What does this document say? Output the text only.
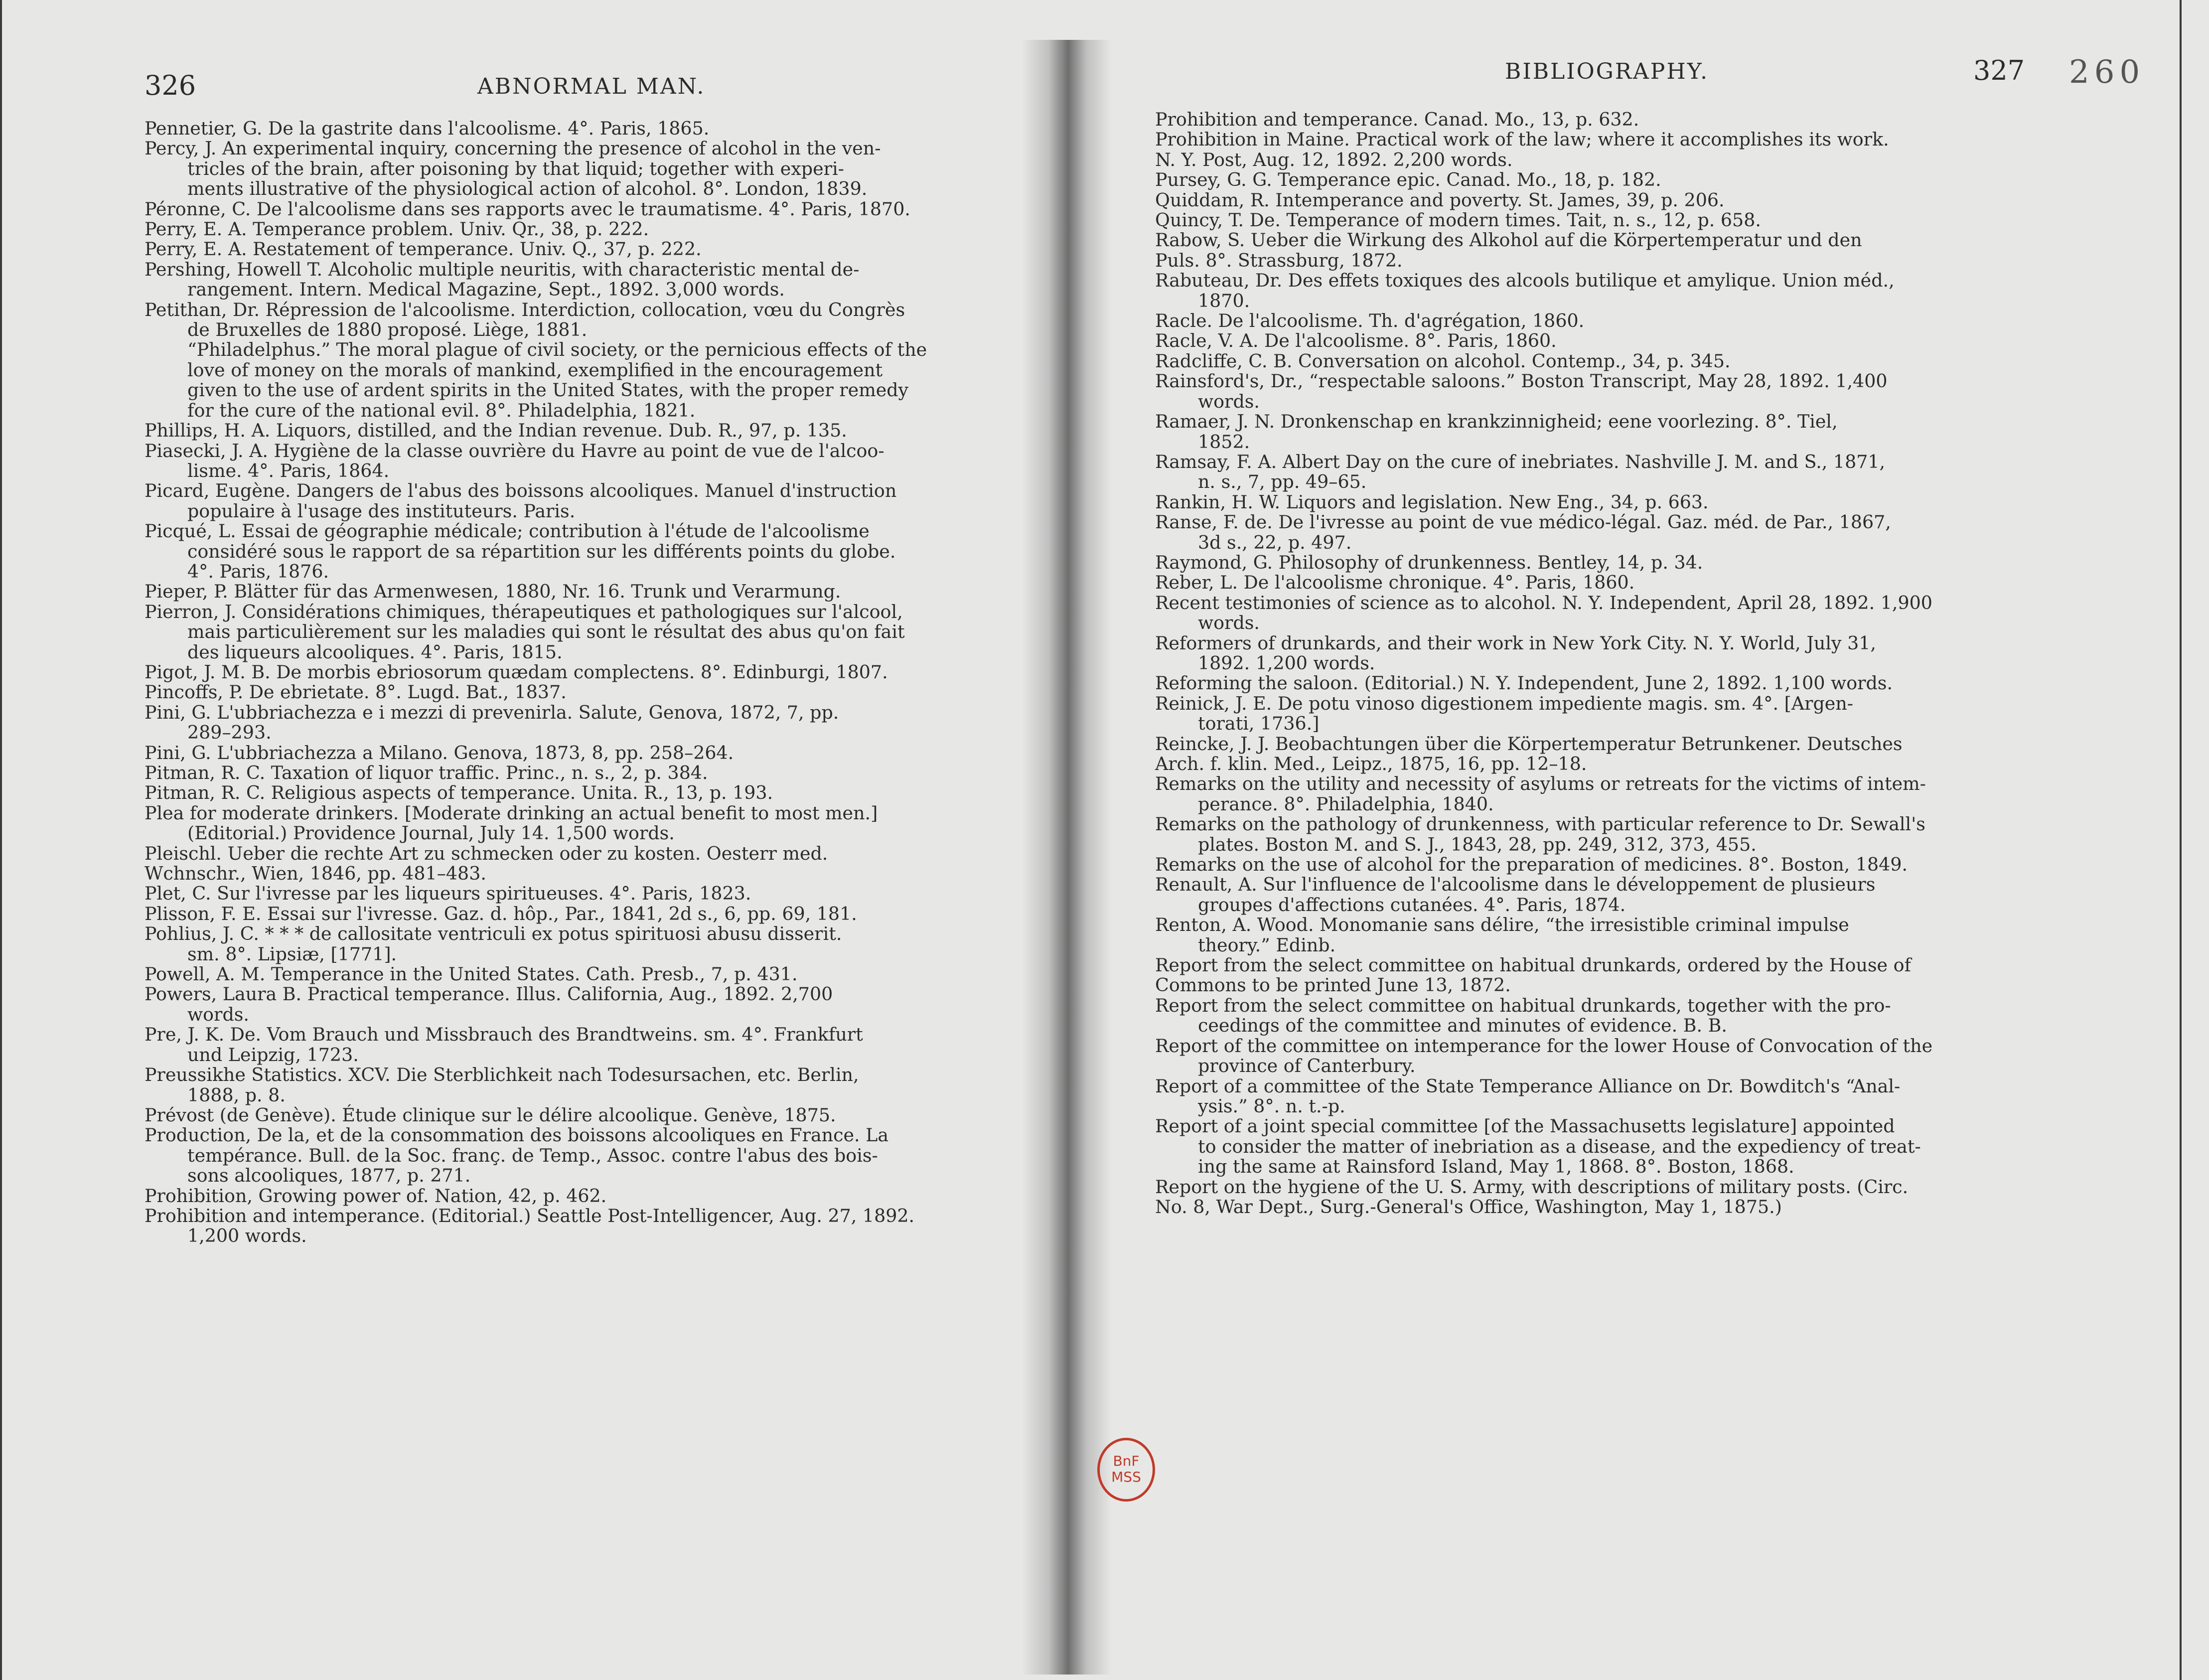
326	ABNORMAL MAN.
Pennetier, G. De la gastrite dans l'alcoolisme. 4°. Paris, 1865.
Percy, J. An experimental inquiry, concerning the presence of alcohol in the ven-
tricles of the brain, after poisoning by that liquid; together with experi-
ments illustrative of the physiological action of alcohol. 8°. London, 1839.
Péronne, C. De l'alcoolisme dans ses rapports avec le traumatisme. 4°. Paris, 1870.
Perry, E. A. Temperance problem. Univ. Qr., 38, p. 222.
Perry, E. A. Restatement of temperance. Univ. Q., 37, p. 222.
Pershing, Howell T. Alcoholic multiple neuritis, with characteristic mental de-
rangement. Intern. Medical Magazine, Sept., 1892. 3,000 words.
Petithan, Dr. Répression de l'alcoolisme. Interdiction, collocation, vœu du Congrès
de Bruxelles de 1880 proposé. Liège, 1881.
“Philadelphus.” The moral plague of civil society, or the pernicious effects of the
love of money on the morals of mankind, exemplified in the encouragement
given to the use of ardent spirits in the United States, with the proper remedy
for the cure of the national evil. 8°. Philadelphia, 1821.
Phillips, H. A. Liquors, distilled, and the Indian revenue. Dub. R., 97, p. 135.
Piasecki, J. A. Hygiène de la classe ouvrière du Havre au point de vue de l'alcoo-
lisme. 4°. Paris, 1864.
Picard, Eugène. Dangers de l'abus des boissons alcooliques. Manuel d'instruction
populaire à l'usage des instituteurs. Paris.
Picqué, L. Essai de géographie médicale; contribution à l'étude de l'alcoolisme
considéré sous le rapport de sa répartition sur les différents points du globe.
4°. Paris, 1876.
Pieper, P. Blätter für das Armenwesen, 1880, Nr. 16. Trunk und Verarmung.
Pierron, J. Considérations chimiques, thérapeutiques et pathologiques sur l'alcool,
mais particulièrement sur les maladies qui sont le résultat des abus qu'on fait
des liqueurs alcooliques. 4°. Paris, 1815.
Pigot, J. M. B. De morbis ebriosorum quædam complectens. 8°. Edinburgi, 1807.
Pincoffs, P. De ebrietate. 8°. Lugd. Bat., 1837.
Pini, G. L'ubbriachezza e i mezzi di prevenirla. Salute, Genova, 1872, 7, pp.
289–293.
Pini, G. L'ubbriachezza a Milano. Genova, 1873, 8, pp. 258–264.
Pitman, R. C. Taxation of liquor traffic. Princ., n. s., 2, p. 384.
Pitman, R. C. Religious aspects of temperance. Unita. R., 13, p. 193.
Plea for moderate drinkers. [Moderate drinking an actual benefit to most men.]
(Editorial.) Providence Journal, July 14. 1,500 words.
Pleischl. Ueber die rechte Art zu schmecken oder zu kosten. Oesterr med.
Wchnschr., Wien, 1846, pp. 481–483.
Plet, C. Sur l'ivresse par les liqueurs spiritueuses. 4°. Paris, 1823.
Plisson, F. E. Essai sur l'ivresse. Gaz. d. hôp., Par., 1841, 2d s., 6, pp. 69, 181.
Pohlius, J. C. * * * de callositate ventriculi ex potus spirituosi abusu disserit.
sm. 8°. Lipsiæ, [1771].
Powell, A. M. Temperance in the United States. Cath. Presb., 7, p. 431.
Powers, Laura B. Practical temperance. Illus. California, Aug., 1892. 2,700
words.
Pre, J. K. De. Vom Brauch und Missbrauch des Brandtweins. sm. 4°. Frankfurt
und Leipzig, 1723.
Preussikhe Statistics. XCV. Die Sterblichkeit nach Todesursachen, etc. Berlin,
1888, p. 8.
Prévost (de Genève). Étude clinique sur le délire alcoolique. Genève, 1875.
Production, De la, et de la consommation des boissons alcooliques en France. La
tempérance. Bull. de la Soc. franç. de Temp., Assoc. contre l'abus des bois-
sons alcooliques, 1877, p. 271.
Prohibition, Growing power of. Nation, 42, p. 462.
Prohibition and intemperance. (Editorial.) Seattle Post-Intelligencer, Aug. 27, 1892.
1,200 words.
BIBLIOGRAPHY.	327 260
Prohibition and temperance. Canad. Mo., 13, p. 632.
Prohibition in Maine. Practical work of the law; where it accomplishes its work.
N. Y. Post, Aug. 12, 1892. 2,200 words.
Pursey, G. G. Temperance epic. Canad. Mo., 18, p. 182.
Quiddam, R. Intemperance and poverty. St. James, 39, p. 206.
Quincy, T. De. Temperance of modern times. Tait, n. s., 12, p. 658.
Rabow, S. Ueber die Wirkung des Alkohol auf die Körpertemperatur und den
Puls. 8°. Strassburg, 1872.
Rabuteau, Dr. Des effets toxiques des alcools butilique et amylique. Union méd.,
1870.
Racle. De l'alcoolisme. Th. d'agrégation, 1860.
Racle, V. A. De l'alcoolisme. 8°. Paris, 1860.
Radcliffe, C. B. Conversation on alcohol. Contemp., 34, p. 345.
Rainsford's, Dr., “respectable saloons.” Boston Transcript, May 28, 1892. 1,400
words.
Ramaer, J. N. Dronkenschap en krankzinnigheid; eene voorlezing. 8°. Tiel,
1852.
Ramsay, F. A. Albert Day on the cure of inebriates. Nashville J. M. and S., 1871,
n. s., 7, pp. 49–65.
Rankin, H. W. Liquors and legislation. New Eng., 34, p. 663.
Ranse, F. de. De l'ivresse au point de vue médico-légal. Gaz. méd. de Par., 1867,
3d s., 22, p. 497.
Raymond, G. Philosophy of drunkenness. Bentley, 14, p. 34.
Reber, L. De l'alcoolisme chronique. 4°. Paris, 1860.
Recent testimonies of science as to alcohol. N. Y. Independent, April 28, 1892. 1,900
words.
Reformers of drunkards, and their work in New York City. N. Y. World, July 31,
1892. 1,200 words.
Reforming the saloon. (Editorial.) N. Y. Independent, June 2, 1892. 1,100 words.
Reinick, J. E. De potu vinoso digestionem impediente magis. sm. 4°. [Argen-
torati, 1736.]
Reincke, J. J. Beobachtungen über die Körpertemperatur Betrunkener. Deutsches
Arch. f. klin. Med., Leipz., 1875, 16, pp. 12–18.
Remarks on the utility and necessity of asylums or retreats for the victims of intem-
perance. 8°. Philadelphia, 1840.
Remarks on the pathology of drunkenness, with particular reference to Dr. Sewall's
plates. Boston M. and S. J., 1843, 28, pp. 249, 312, 373, 455.
Remarks on the use of alcohol for the preparation of medicines. 8°. Boston, 1849.
Renault, A. Sur l'influence de l'alcoolisme dans le développement de plusieurs
groupes d'affections cutanées. 4°. Paris, 1874.
Renton, A. Wood. Monomanie sans délire, “the irresistible criminal impulse
theory.” Edinb.
Report from the select committee on habitual drunkards, ordered by the House of
Commons to be printed June 13, 1872.
Report from the select committee on habitual drunkards, together with the pro-
ceedings of the committee and minutes of evidence. B. B.
Report of the committee on intemperance for the lower House of Convocation of the
province of Canterbury.
Report of a committee of the State Temperance Alliance on Dr. Bowditch's “Anal-
ysis.” 8°. n. t.-p.
Report of a joint special committee [of the Massachusetts legislature] appointed
to consider the matter of inebriation as a disease, and the expediency of treat-
ing the same at Rainsford Island, May 1, 1868. 8°. Boston, 1868.
Report on the hygiene of the U. S. Army, with descriptions of military posts. (Circ.
No. 8, War Dept., Surg.-General's Office, Washington, May 1, 1875.)
BnF
MSS
